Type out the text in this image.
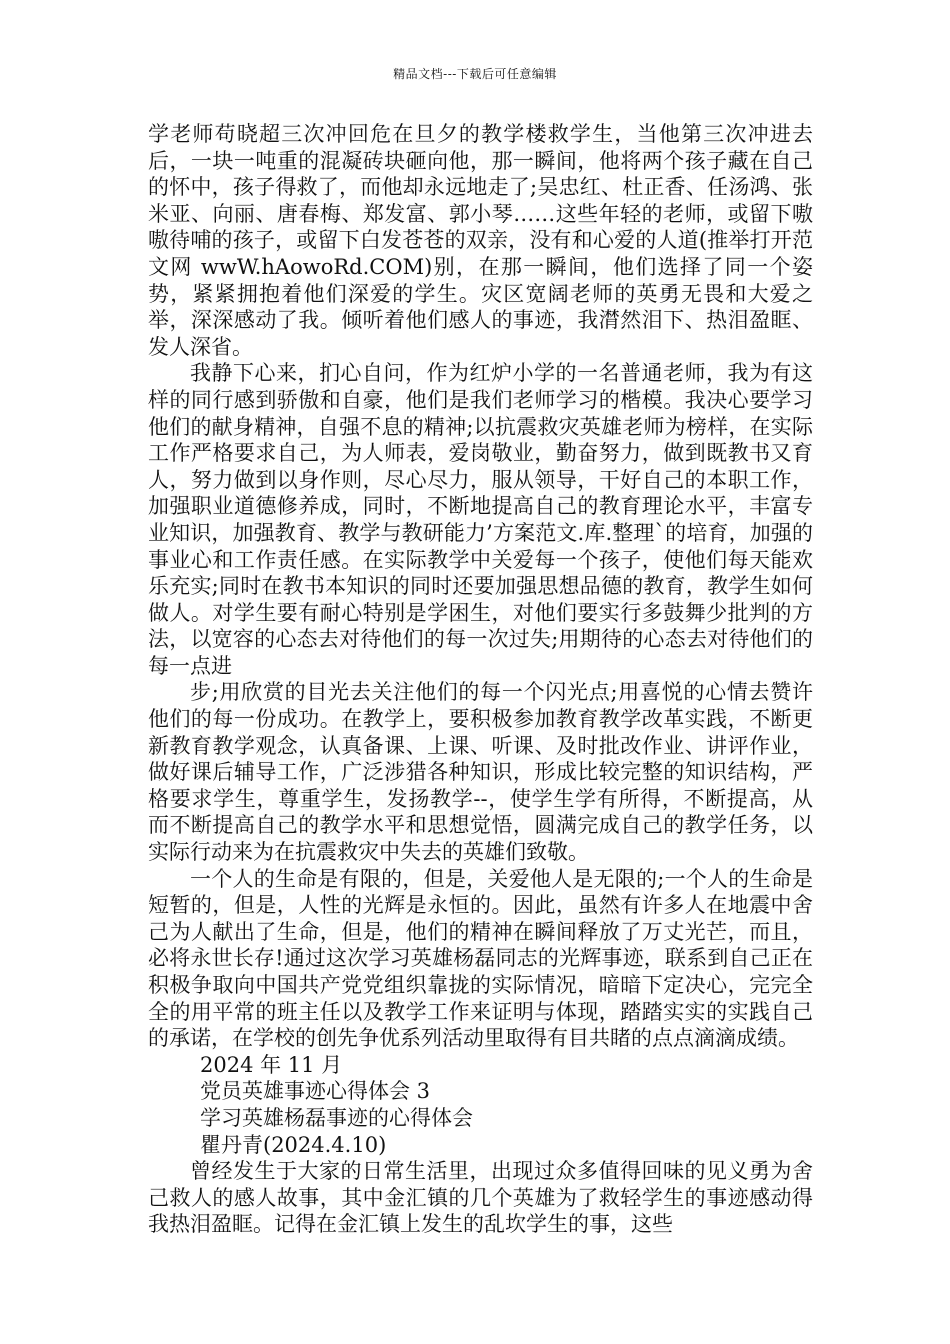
精品文档---下载后可任意编辑

学老师苟晓超三次冲回危在旦夕的教学楼救学生，当他第三次冲进去后，一块一吨重的混凝砖块砸向他，那一瞬间，他将两个孩子藏在自己的怀中，孩子得救了，而他却永远地走了;吴忠红、杜正香、任汤鸿、张米亚、向丽、唐春梅、郑发富、郭小琴……这些年轻的老师，或留下嗷嗷待哺的孩子，或留下白发苍苍的双亲，没有和心爱的人道(推举打开范文网 wwW.hAowoRd.COM)别，在那一瞬间，他们选择了同一个姿势，紧紧拥抱着他们深爱的学生。灾区宽阔老师的英勇无畏和大爱之举，深深感动了我。倾听着他们感人的事迹，我潸然泪下、热泪盈眶、发人深省。

我静下心来，扪心自问，作为红炉小学的一名普通老师，我为有这样的同行感到骄傲和自豪，他们是我们老师学习的楷模。我决心要学习他们的献身精神，自强不息的精神;以抗震救灾英雄老师为榜样，在实际工作严格要求自己，为人师表，爱岗敬业，勤奋努力，做到既教书又育人，努力做到以身作则，尽心尽力，服从领导，干好自己的本职工作，加强职业道德修养成，同时，不断地提高自己的教育理论水平，丰富专业知识，加强教育、教学与教研能力’方案范文.库.整理`的培育，加强的事业心和工作责任感。在实际教学中关爱每一个孩子，使他们每天能欢乐充实;同时在教书本知识的同时还要加强思想品德的教育，教学生如何做人。对学生要有耐心特别是学困生，对他们要实行多鼓舞少批判的方法，以宽容的心态去对待他们的每一次过失;用期待的心态去对待他们的每一点进

步;用欣赏的目光去关注他们的每一个闪光点;用喜悦的心情去赞许他们的每一份成功。在教学上，要积极参加教育教学改革实践，不断更新教育教学观念，认真备课、上课、听课、及时批改作业、讲评作业，做好课后辅导工作，广泛涉猎各种知识，形成比较完整的知识结构，严格要求学生，尊重学生，发扬教学--，使学生学有所得，不断提高，从而不断提高自己的教学水平和思想觉悟，圆满完成自己的教学任务，以实际行动来为在抗震救灾中失去的英雄们致敬。

一个人的生命是有限的，但是，关爱他人是无限的;一个人的生命是短暂的，但是，人性的光辉是永恒的。因此，虽然有许多人在地震中舍己为人献出了生命，但是，他们的精神在瞬间释放了万丈光芒，而且，必将永世长存!通过这次学习英雄杨磊同志的光辉事迹，联系到自己正在积极争取向中国共产党党组织靠拢的实际情况，暗暗下定决心，完完全全的用平常的班主任以及教学工作来证明与体现，踏踏实实的实践自己的承诺，在学校的创先争优系列活动里取得有目共睹的点点滴滴成绩。

2024 年 11 月

党员英雄事迹心得体会 3

学习英雄杨磊事迹的心得体会

瞿丹青(2024.4.10)

曾经发生于大家的日常生活里，出现过众多值得回味的见义勇为舍己救人的感人故事，其中金汇镇的几个英雄为了救轻学生的事迹感动得我热泪盈眶。记得在金汇镇上发生的乱坎学生的事，这些
